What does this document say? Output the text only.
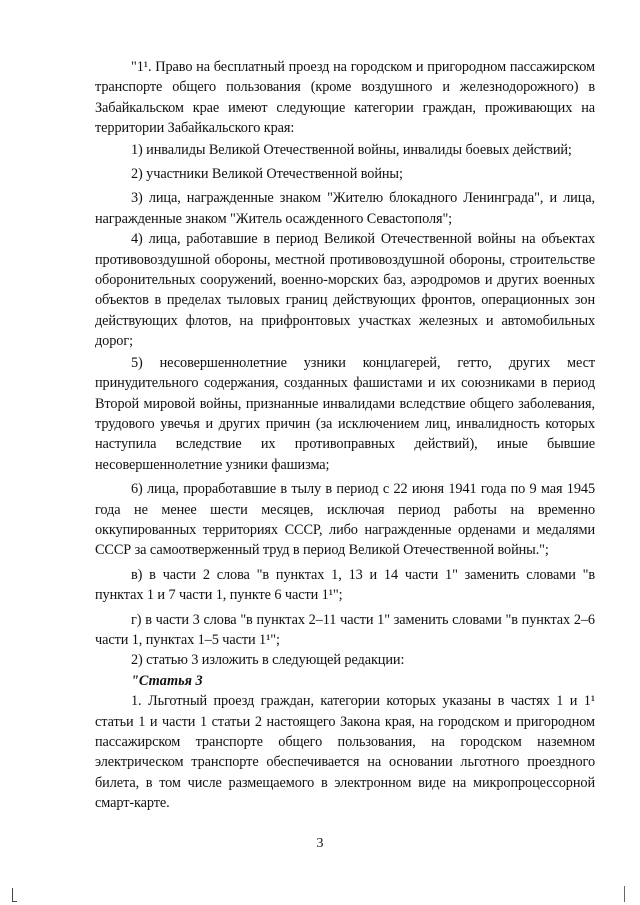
"1¹. Право на бесплатный проезд на городском и пригородном пассажирском транспорте общего пользования (кроме воздушного и железнодорожного) в Забайкальском крае имеют следующие категории граждан, проживающих на территории Забайкальского края:

1) инвалиды Великой Отечественной войны, инвалиды боевых действий;

2) участники Великой Отечественной войны;

3) лица, награжденные знаком "Жителю блокадного Ленинграда", и лица, награжденные знаком "Житель осажденного Севастополя";

4) лица, работавшие в период Великой Отечественной войны на объектах противовоздушной обороны, местной противовоздушной обороны, строительстве оборонительных сооружений, военно-морских баз, аэродромов и других военных объектов в пределах тыловых границ действующих фронтов, операционных зон действующих флотов, на прифронтовых участках железных и автомобильных дорог;

5) несовершеннолетние узники концлагерей, гетто, других мест принудительного содержания, созданных фашистами и их союзниками в период Второй мировой войны, признанные инвалидами вследствие общего заболевания, трудового увечья и других причин (за исключением лиц, инвалидность которых наступила вследствие их противоправных действий), иные бывшие несовершеннолетние узники фашизма;

6) лица, проработавшие в тылу в период с 22 июня 1941 года по 9 мая 1945 года не менее шести месяцев, исключая период работы на временно оккупированных территориях СССР, либо награжденные орденами и медалями СССР за самоотверженный труд в период Великой Отечественной войны.";

в) в части 2 слова "в пунктах 1, 13 и 14 части 1" заменить словами "в пунктах 1 и 7 части 1, пункте 6 части 1¹";

г) в части 3 слова "в пунктах 2–11 части 1" заменить словами "в пунктах 2–6 части 1, пунктах 1–5 части 1¹";

2) статью 3 изложить в следующей редакции:

"Статья 3

1. Льготный проезд граждан, категории которых указаны в частях 1 и 1¹ статьи 1 и части 1 статьи 2 настоящего Закона края, на городском и пригородном пассажирском транспорте общего пользования, на городском наземном электрическом транспорте обеспечивается на основании льготного проездного билета, в том числе размещаемого в электронном виде на микропроцессорной смарт-карте.

3
